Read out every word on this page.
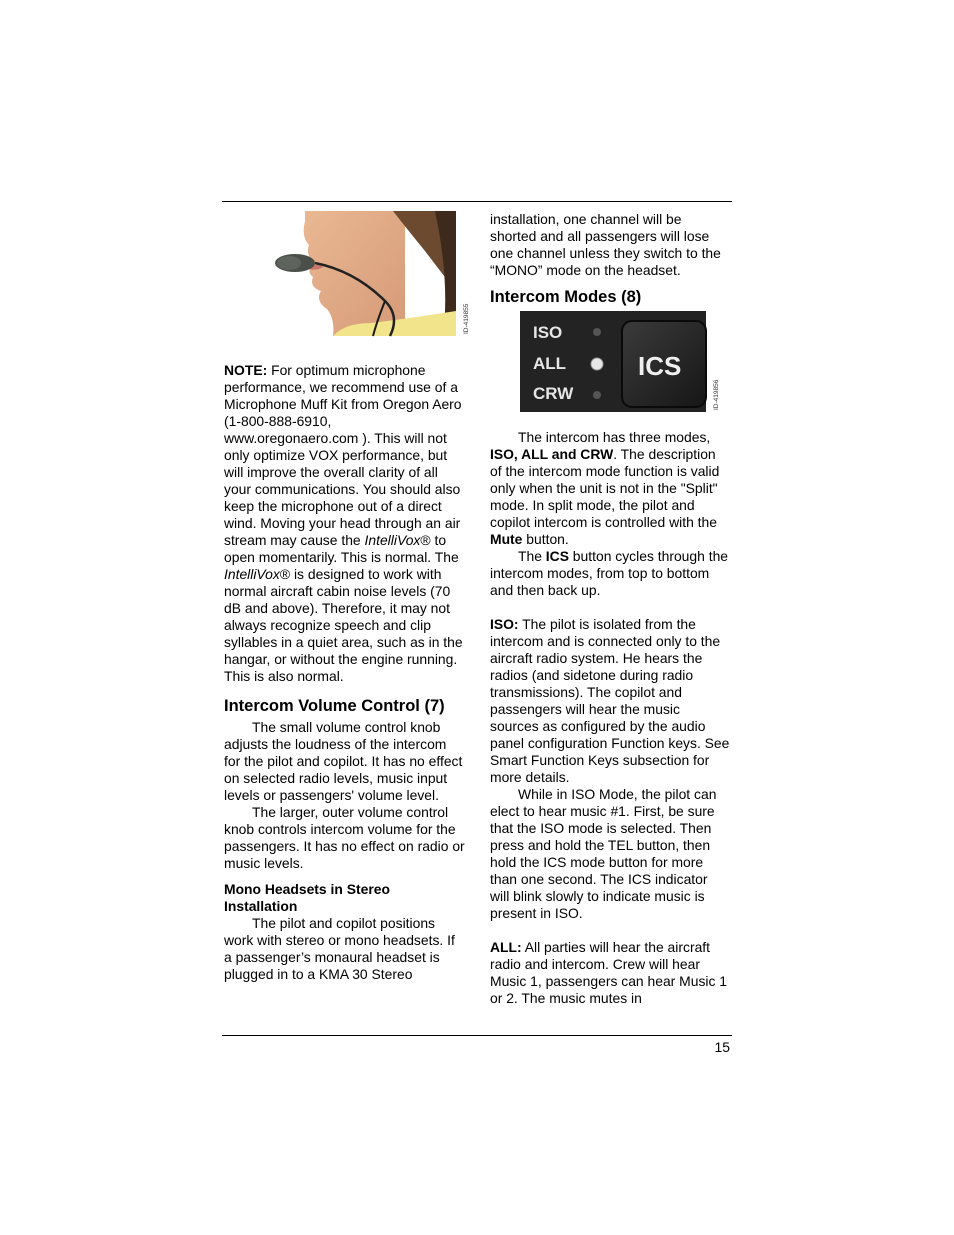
ID-419855

NOTE: For optimum microphone performance, we recommend use of a Microphone Muff Kit from Oregon Aero (1-800-888-6910, www.oregonaero.com ). This will not only optimize VOX performance, but will improve the overall clarity of all your communications. You should also keep the microphone out of a direct wind. Moving your head through an air stream may cause the IntelliVox® to open momentarily. This is normal. The IntelliVox® is designed to work with normal aircraft cabin noise levels (70 dB and above). Therefore, it may not always recognize speech and clip syllables in a quiet area, such as in the hangar, or without the engine running. This is also normal.

Intercom Volume Control (7)

The small volume control knob adjusts the loudness of the intercom for the pilot and copilot. It has no effect on selected radio levels, music input levels or passengers' volume level.

The larger, outer volume control knob controls intercom volume for the passengers. It has no effect on radio or music levels.

Mono Headsets in Stereo Installation

The pilot and copilot positions work with stereo or mono headsets. If a passenger’s monaural headset is plugged in to a KMA 30 Stereo

installation, one channel will be shorted and all passengers will lose one channel unless they switch to the “MONO” mode on the headset.

Intercom Modes (8)
ISO
ALL
CRW
ICS
ID-419856

The intercom has three modes, ISO, ALL and CRW. The description of the intercom mode function is valid only when the unit is not in the "Split" mode. In split mode, the pilot and copilot intercom is controlled with the Mute button.

The ICS button cycles through the intercom modes, from top to bottom and then back up.

ISO: The pilot is isolated from the intercom and is connected only to the aircraft radio system. He hears the radios (and sidetone during radio transmissions). The copilot and passengers will hear the music sources as configured by the audio panel configuration Function keys. See Smart Function Keys subsection for more details.

While in ISO Mode, the pilot can elect to hear music #1. First, be sure that the ISO mode is selected. Then press and hold the TEL button, then hold the ICS mode button for more than one second. The ICS indicator will blink slowly to indicate music is present in ISO.

ALL: All parties will hear the aircraft radio and intercom. Crew will hear Music 1, passengers can hear Music 1 or 2. The music mutes in

15
